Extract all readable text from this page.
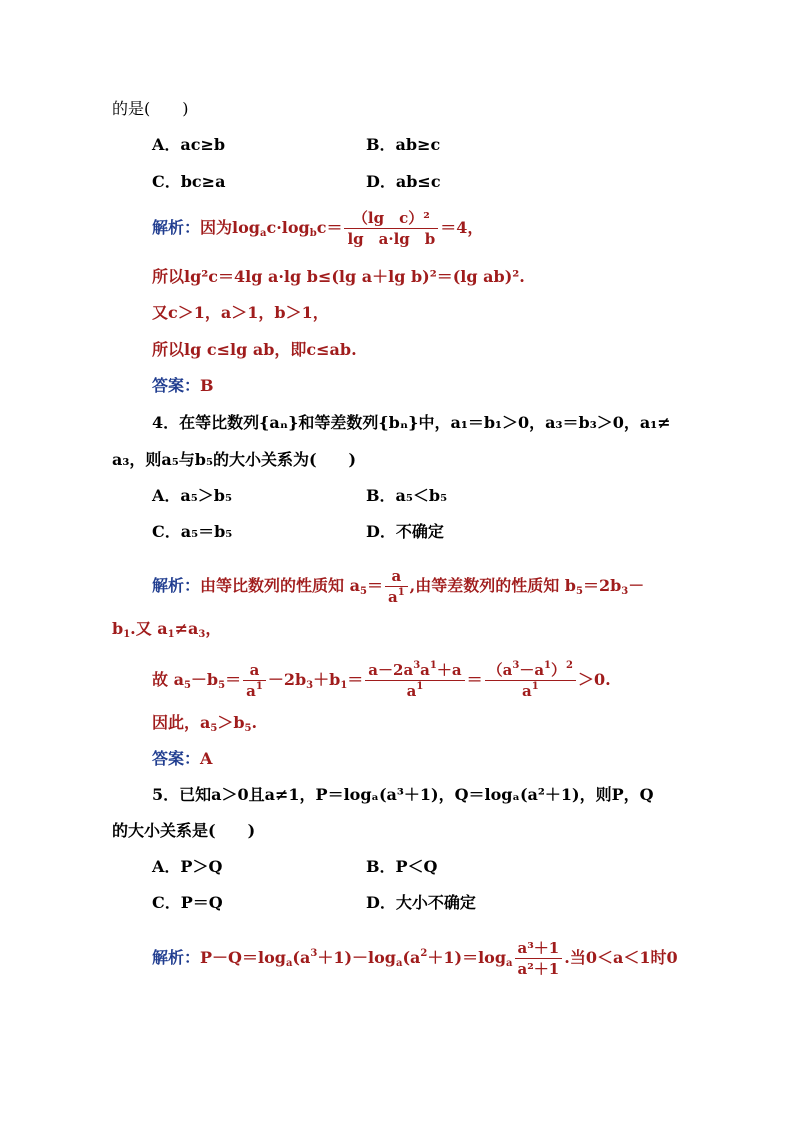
的是(　　)
A．ac≥b	B．ab≥c
C．bc≥a	D．ab≤c
解析：因为$\log_ac\cdot\log_bc= \frac{\text{（lg　c）²}}{\text{lg　a·lg　b}} =4$，
所以lg²c＝4lg a·lg b≤(lg a＋lg b)²＝(lg ab)².
又c＞1，a＞1，b＞1，
所以lg c≤lg ab，即c≤ab.
答案：B
4．在等比数列{aₙ}和等差数列{bₙ}中，a₁＝b₁＞0，a₃＝b₃＞0，a₁≠
a₃，则a₅与b₅的大小关系为(　　)
A．a₅＞b₅	B．a₅＜b₅
C．a₅＝b₅	D．不确定
解析：由等比数列的性质知 $a_5= \frac{a}{a^1}$ ,由等差数列的性质知 $b_5=2b_3-$
$b_1$.又 $a_1\ne a_3$，
故 $a_5-b_5= \frac{a}{a^1} -2b_3+b_1= \frac{a-2a^3a^1+a}{a^1} = \frac{(a^3-a^1)^2}{a^1} >0$.
因此，$a_5>b_5$.
答案：A
5．已知a＞0且a≠1，P＝logₐ(a³＋1)，Q＝logₐ(a²＋1)，则P，Q
的大小关系是(　　)
A．P＞Q	B．P＜Q
C．P＝Q	D．大小不确定
解析：$P-Q=\log_a(a^3+1)-\log_a(a^2+1)=\log_a \frac{\text{a³＋1}}{\text{a²＋1}}$ .当0＜a＜1时0
